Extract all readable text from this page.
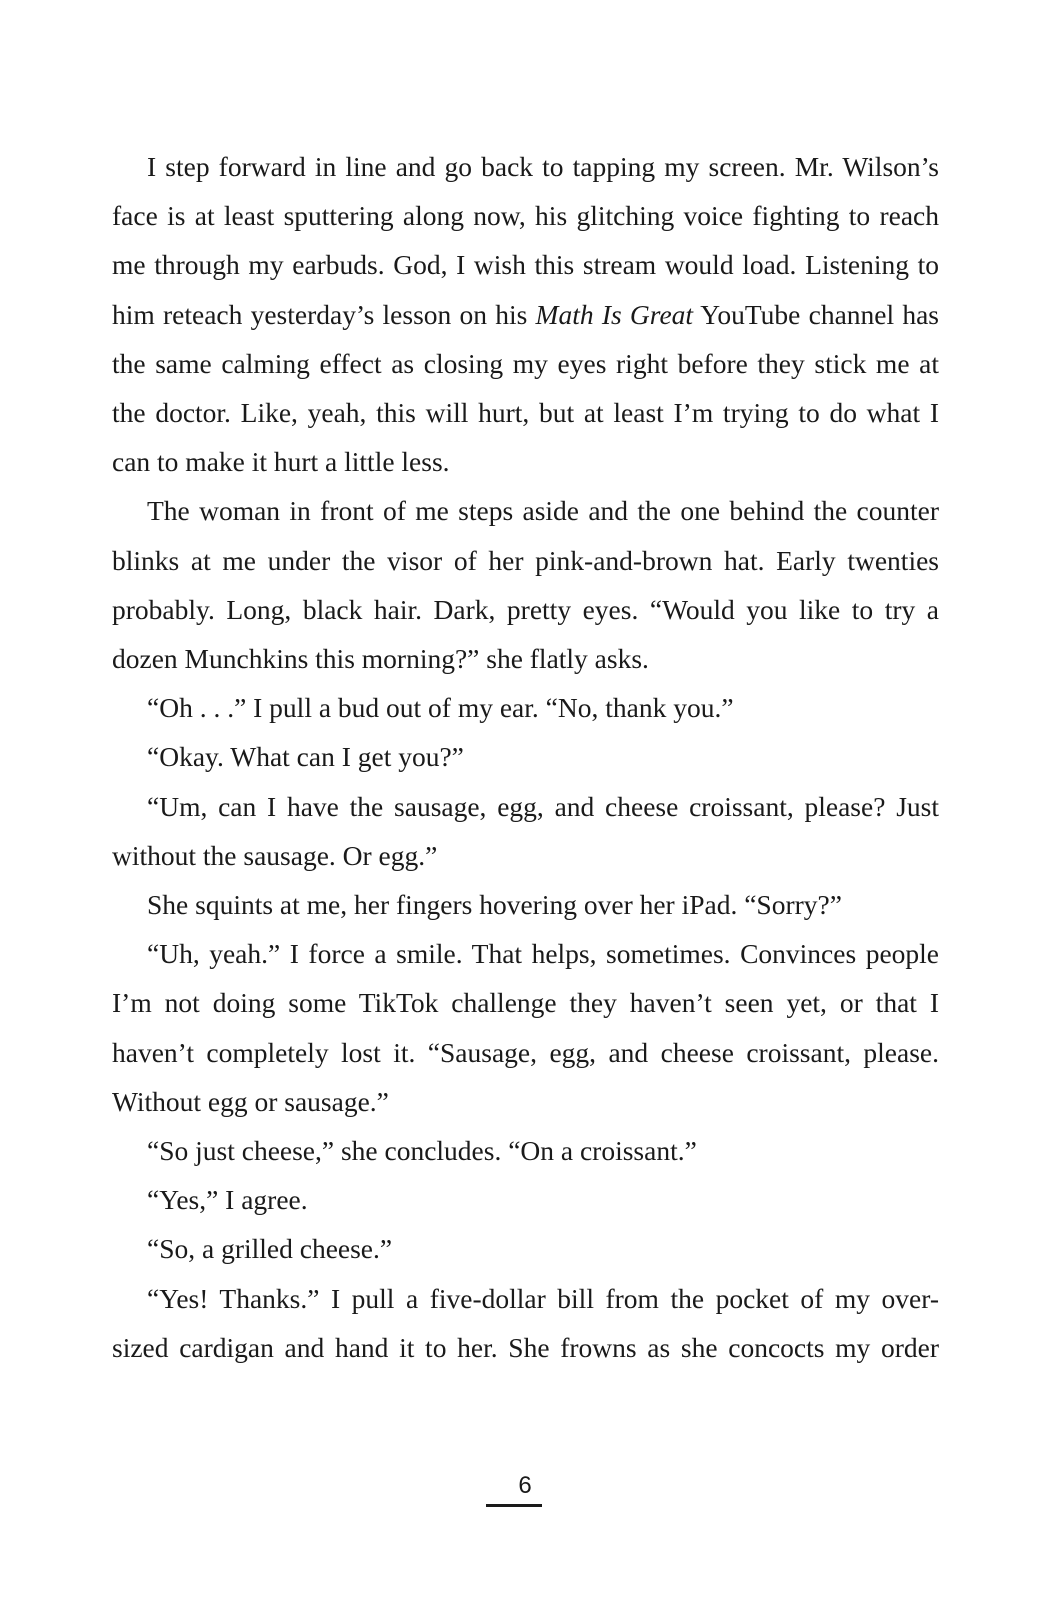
I step forward in line and go back to tapping my screen. Mr. Wilson’s face is at least sputtering along now, his glitching voice fighting to reach me through my earbuds. God, I wish this stream would load. Listening to him reteach yesterday’s lesson on his Math Is Great YouTube channel has the same calming effect as closing my eyes right before they stick me at the doctor. Like, yeah, this will hurt, but at least I’m trying to do what I can to make it hurt a little less.

The woman in front of me steps aside and the one behind the counter blinks at me under the visor of her pink-and-brown hat. Early twenties probably. Long, black hair. Dark, pretty eyes. “Would you like to try a dozen Munchkins this morning?” she flatly asks.

“Oh . . .” I pull a bud out of my ear. “No, thank you.”

“Okay. What can I get you?”

“Um, can I have the sausage, egg, and cheese croissant, please? Just without the sausage. Or egg.”

She squints at me, her fingers hovering over her iPad. “Sorry?”

“Uh, yeah.” I force a smile. That helps, sometimes. Convinces people I’m not doing some TikTok challenge they haven’t seen yet, or that I haven’t completely lost it. “Sausage, egg, and cheese croissant, please. Without egg or sausage.”

“So just cheese,” she concludes. “On a croissant.”

“Yes,” I agree.

“So, a grilled cheese.”

“Yes! Thanks.” I pull a five-dollar bill from the pocket of my over-sized cardigan and hand it to her. She frowns as she concocts my order

6
